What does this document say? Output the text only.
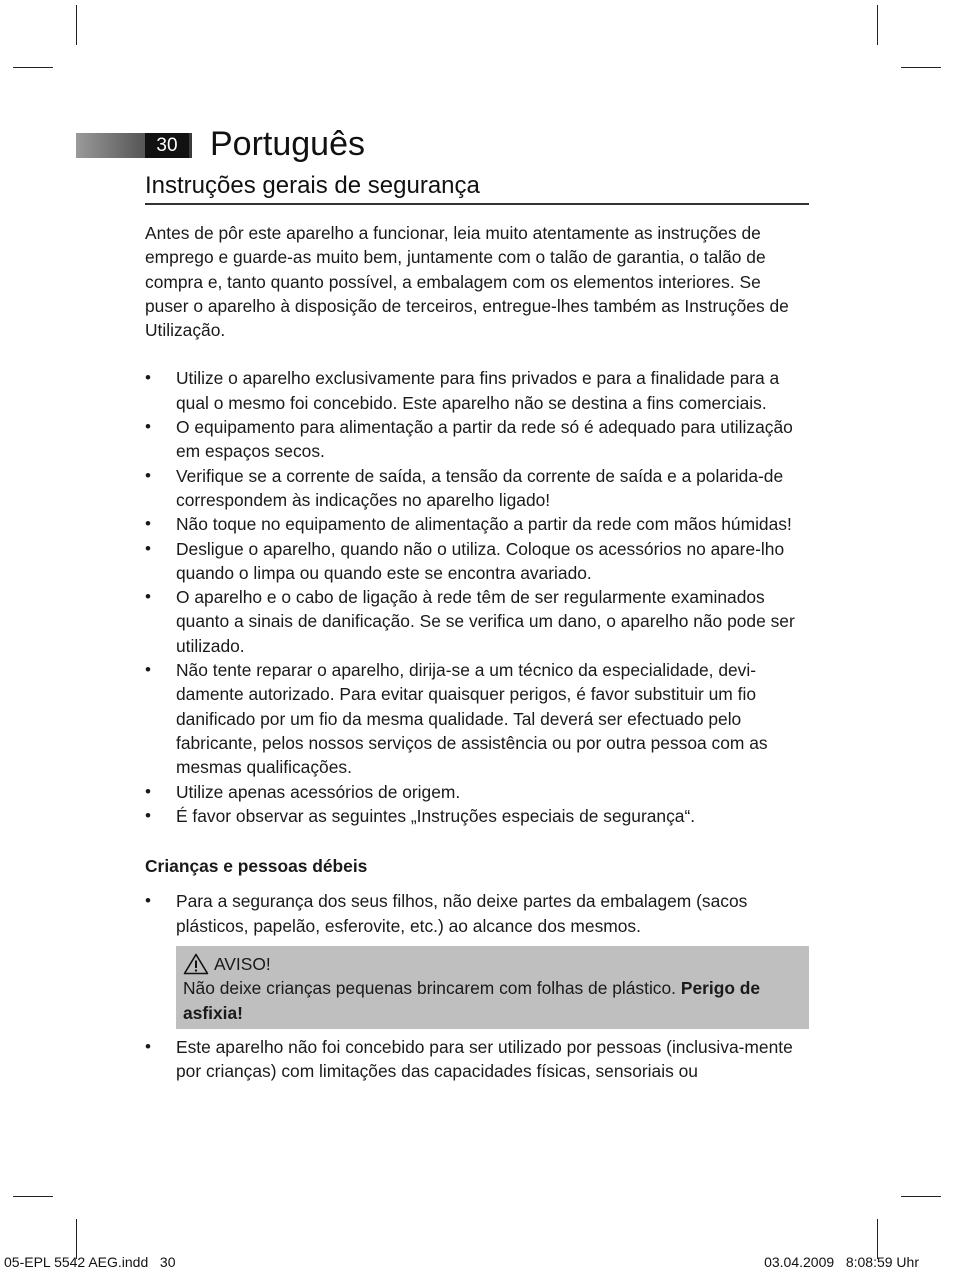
30 Português
Instruções gerais de segurança

Antes de pôr este aparelho a funcionar, leia muito atentamente as instruções de emprego e guarde-as muito bem, juntamente com o talão de garantia, o talão de compra e, tanto quanto possível, a embalagem com os elementos interiores. Se puser o aparelho à disposição de terceiros, entregue-lhes também as Instruções de Utilização.

• Utilize o aparelho exclusivamente para fins privados e para a finalidade para a qual o mesmo foi concebido. Este aparelho não se destina a fins comerciais.
• O equipamento para alimentação a partir da rede só é adequado para utilização em espaços secos.
• Verifique se a corrente de saída, a tensão da corrente de saída e a polarida-de correspondem às indicações no aparelho ligado!
• Não toque no equipamento de alimentação a partir da rede com mãos húmidas!
• Desligue o aparelho, quando não o utiliza. Coloque os acessórios no apare-lho quando o limpa ou quando este se encontra avariado.
• O aparelho e o cabo de ligação à rede têm de ser regularmente examinados quanto a sinais de danificação. Se se verifica um dano, o aparelho não pode ser utilizado.
• Não tente reparar o aparelho, dirija-se a um técnico da especialidade, devi-damente autorizado. Para evitar quaisquer perigos, é favor substituir um fio danificado por um fio da mesma qualidade. Tal deverá ser efectuado pelo fabricante, pelos nossos serviços de assistência ou por outra pessoa com as mesmas qualificações.
• Utilize apenas acessórios de origem.
• É favor observar as seguintes „Instruções especiais de segurança“.

Crianças e pessoas débeis

• Para a segurança dos seus filhos, não deixe partes da embalagem (sacos plásticos, papelão, esferovite, etc.) ao alcance dos mesmos.
AVISO!
Não deixe crianças pequenas brincarem com folhas de plástico. Perigo de asfixia!
• Este aparelho não foi concebido para ser utilizado por pessoas (inclusiva-mente por crianças) com limitações das capacidades físicas, sensoriais ou
05-EPL 5542 AEG.indd   30	03.04.2009   8:08:59 Uhr
